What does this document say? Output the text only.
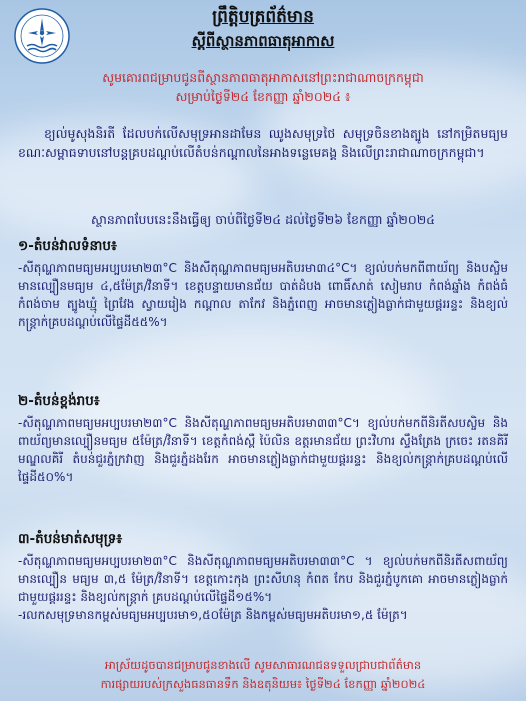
ព្រឹត្តិបត្រព័ត៌មាន
ស្ដីពីស្ថានភាពធាតុអាកាស
សូមគោរពជម្រាបជូនពីស្ថានភាពធាតុអាកាសនៅព្រះរាជាណាចក្រកម្ពុជា
សម្រាប់ថ្ងៃទី២៤ ខែកញ្ញា ឆ្នាំ២០២៤ ៖
ខ្យល់មូសុងនិរតី ដែលបក់លើសមុទ្រអានដាមែន ឈូងសមុទ្រថៃ សមុទ្រចិនខាងត្បូង នៅកម្រិតមធ្យម ខណៈសម្ពាធទាបនៅបន្តគ្របដណ្ដប់លើតំបន់កណ្ដាលនៃអាងទន្លេមេគង្គ និងលើព្រះរាជាណាចក្រកម្ពុជា។
ស្ថានភាពបែបនេះនឹងធ្វើឲ្យ ចាប់ពីថ្ងៃទី២៤ ដល់ថ្ងៃទី២៦ ខែកញ្ញា ឆ្នាំ២០២៤
១-តំបន់វាលទំនាប៖

-សីតុណ្ហភាពមធ្យមអប្បបរមា២៣°C និងសីតុណ្ហភាពមធ្យមអតិបរមា៣៤°C។ ខ្យល់បក់មកពីពាយ័ព្យ និងបស្ចិម មានល្បឿនមធ្យម ៤,៥ម៉ែត្រ/វិនាទី។ ខេត្តបន្ទាយមានជ័យ បាត់ដំបង ពោធិ៍សាត់ សៀមរាប កំពង់ឆ្នាំង កំពង់ធំ កំពង់ចាម ត្បូងឃ្មុំ ព្រៃវែង ស្វាយរៀង កណ្ដាល តាកែវ និងភ្នំពេញ អាចមានភ្លៀងធ្លាក់ជាមួយផ្គររន្ទះ និងខ្យល់កន្ត្រាក់គ្របដណ្ដប់លើផ្ទៃដី៥៥%។

២-តំបន់ខ្ពង់រាប៖

-សីតុណ្ហភាពមធ្យមអប្បបរមា២៣°C និងសីតុណ្ហភាពមធ្យមអតិបរមា៣៣°C។ ខ្យល់បក់មកពីនិរតីសបស្ចិម និងពាយ័ព្យមានល្បឿនមធ្យម ៥ម៉ែត្រ/វិនាទី។ ខេត្តកំពង់ស្ពឺ ប៉ៃលិន ឧត្ដរមានជ័យ ព្រះវិហារ ស្ទឹងត្រែង ក្រចេះ រតនគិរី មណ្ឌលគិរី តំបន់ជួរភ្នំក្រវាញ និងជួរភ្នំដងរែក អាចមានភ្លៀងធ្លាក់ជាមួយផ្គររន្ទះ និងខ្យល់កន្ត្រាក់គ្របដណ្ដប់លើផ្ទៃដី៥០%។

៣-តំបន់មាត់សមុទ្រ៖

-សីតុណ្ហភាពមធ្យមអប្បបរមា២៣°C និងសីតុណ្ហភាពមធ្យមអតិបរមា៣៣°C ។ ខ្យល់បក់មកពីនិរតីសពាយ័ព្យ មានល្បឿន មធ្យម ៣,៥ ម៉ែត្រ/វិនាទី។ ខេត្តកោះកុង ព្រះសីហនុ កំពត កែប និងជួរភ្នំបូកគោ អាចមានភ្លៀងធ្លាក់ជាមួយផ្គររន្ទះ និងខ្យល់កន្ត្រាក់ គ្របដណ្ដប់លើផ្ទៃដី១៥%។

-រលកសមុទ្រមានកម្ពស់មធ្យមអប្បបរមា១,៥០ម៉ែត្រ និងកម្ពស់មធ្យមអតិបរមា១,៥ ម៉ែត្រ។

អាស្រ័យដូចបានជម្រាបជូនខាងលើ សូមសាធារណជនទទួលជ្រាបជាព័ត៌មាន
ការផ្សាយរបស់ក្រសួងធនធានទឹក និងឧតុនិយម៖ ថ្ងៃទី២៤ ខែកញ្ញា ឆ្នាំ២០២៤
